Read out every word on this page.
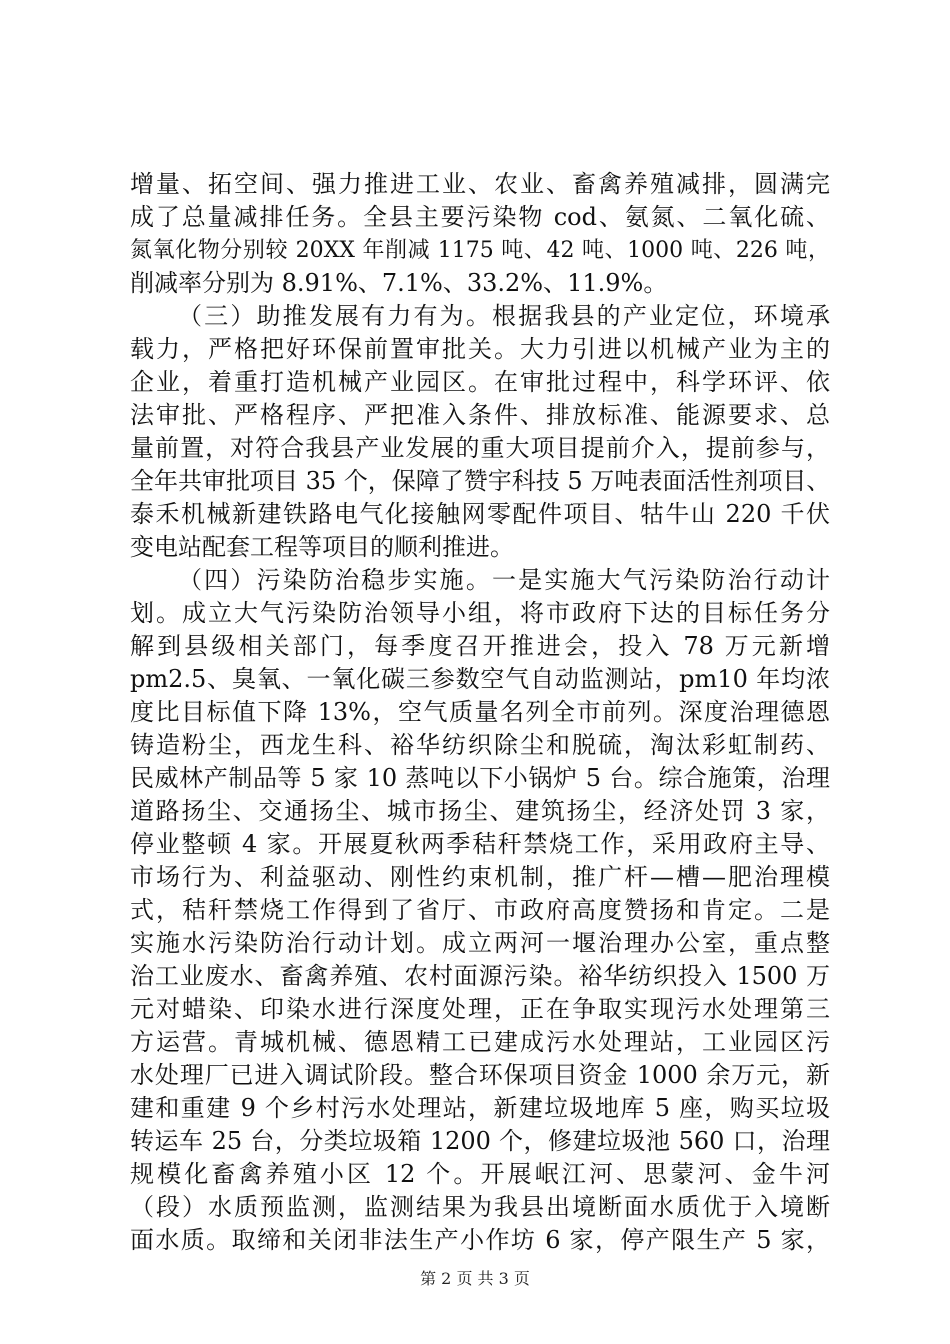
增量、拓空间、强力推进工业、农业、畜禽养殖减排，圆满完
成了总量减排任务。全县主要污染物 cod、氨氮、二氧化硫、
氮氧化物分别较 20XX 年削减 1175 吨、42 吨、1000 吨、226 吨，
削减率分别为 8.91%、7.1%、33.2%、11.9%。
（三）助推发展有力有为。根据我县的产业定位，环境承
载力，严格把好环保前置审批关。大力引进以机械产业为主的
企业，着重打造机械产业园区。在审批过程中，科学环评、依
法审批、严格程序、严把准入条件、排放标准、能源要求、总
量前置，对符合我县产业发展的重大项目提前介入，提前参与，
全年共审批项目 35 个，保障了赞宇科技 5 万吨表面活性剂项目、
泰禾机械新建铁路电气化接触网零配件项目、牯牛山 220 千伏
变电站配套工程等项目的顺利推进。
（四）污染防治稳步实施。一是实施大气污染防治行动计
划。成立大气污染防治领导小组，将市政府下达的目标任务分
解到县级相关部门，每季度召开推进会，投入 78 万元新增
pm2.5、臭氧、一氧化碳三参数空气自动监测站，pm10 年均浓
度比目标值下降 13%，空气质量名列全市前列。深度治理德恩
铸造粉尘，西龙生科、裕华纺织除尘和脱硫，淘汰彩虹制药、
民威林产制品等 5 家 10 蒸吨以下小锅炉 5 台。综合施策，治理
道路扬尘、交通扬尘、城市扬尘、建筑扬尘，经济处罚 3 家，
停业整顿 4 家。开展夏秋两季秸秆禁烧工作，采用政府主导、
市场行为、利益驱动、刚性约束机制，推广杆—槽—肥治理模
式，秸秆禁烧工作得到了省厅、市政府高度赞扬和肯定。二是
实施水污染防治行动计划。成立两河一堰治理办公室，重点整
治工业废水、畜禽养殖、农村面源污染。裕华纺织投入 1500 万
元对蜡染、印染水进行深度处理，正在争取实现污水处理第三
方运营。青城机械、德恩精工已建成污水处理站，工业园区污
水处理厂已进入调试阶段。整合环保项目资金 1000 余万元，新
建和重建 9 个乡村污水处理站，新建垃圾地库 5 座，购买垃圾
转运车 25 台，分类垃圾箱 1200 个，修建垃圾池 560 口，治理
规模化畜禽养殖小区 12 个。开展岷江河、思蒙河、金牛河
（段）水质预监测，监测结果为我县出境断面水质优于入境断
面水质。取缔和关闭非法生产小作坊 6 家，停产限生产 5 家，
第 2 页 共 3 页
